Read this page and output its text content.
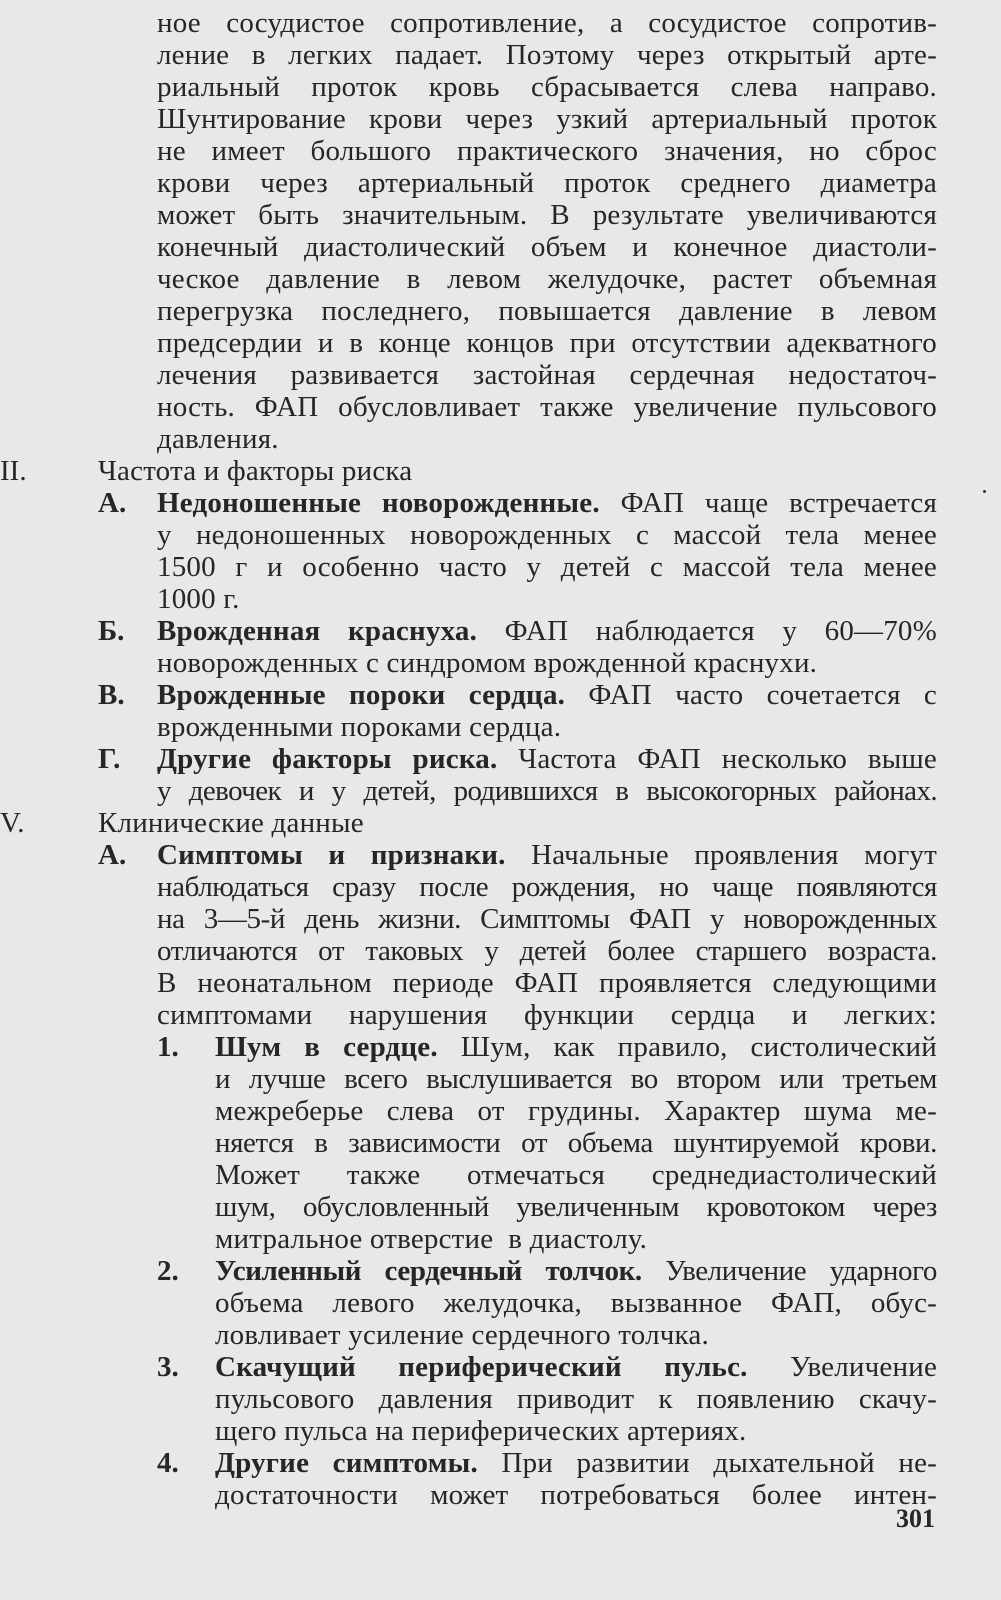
ное сосудистое сопротивление, а сосудистое сопротив-
ление в легких падает. Поэтому через открытый арте-
риальный проток кровь сбрасывается слева направо.
Шунтирование крови через узкий артериальный проток
не имеет большого практического значения, но сброс
крови через артериальный проток среднего диаметра
может быть значительным. В результате увеличиваются
конечный диастолический объем и конечное диастоли-
ческое давление в левом желудочке, растет объемная
перегрузка последнего, повышается давление в левом
предсердии и в конце концов при отсутствии адекватного
лечения развивается застойная сердечная недостаточ-
ность. ФАП обусловливает также увеличение пульсового
давления.
II. Частота и факторы риска
А. Недоношенные новорожденные. ФАП чаще встречается
у недоношенных новорожденных с массой тела менее
1500 г и особенно часто у детей с массой тела менее
1000 г.
Б. Врожденная краснуха. ФАП наблюдается у 60—70%
новорожденных с синдромом врожденной краснухи.
В. Врожденные пороки сердца. ФАП часто сочетается с
врожденными пороками сердца.
Г. Другие факторы риска. Частота ФАП несколько выше
у девочек и у детей, родившихся в высокогорных районах.
V.	Клинические данные
А. Симптомы и признаки. Начальные проявления могут
наблюдаться сразу после рождения, но чаще появляются
на 3—5-й день жизни. Симптомы ФАП у новорожденных
отличаются от таковых у детей более старшего возраста.
В неонатальном периоде ФАП проявляется следующими
симптомами нарушения функции сердца и легких:
1. Шум в сердце. Шум, как правило, систолический
и лучше всего выслушивается во втором или третьем
межреберье слева от грудины. Характер шума ме-
няется в зависимости от объема шунтируемой крови.
Может также отмечаться среднедиастолический
шум, обусловленный увеличенным кровотоком через
митральное отверстие  в диастолу.
2. Усиленный сердечный толчок. Увеличение ударного
объема левого желудочка, вызванное ФАП, обус-
ловливает усиление сердечного толчка.
3. Скачущий периферический пульс. Увеличение
пульсового давления приводит к появлению скачу-
щего пульса на периферических артериях.
4. Другие симптомы. При развитии дыхательной не-
достаточности может потребоваться более интен-
301
